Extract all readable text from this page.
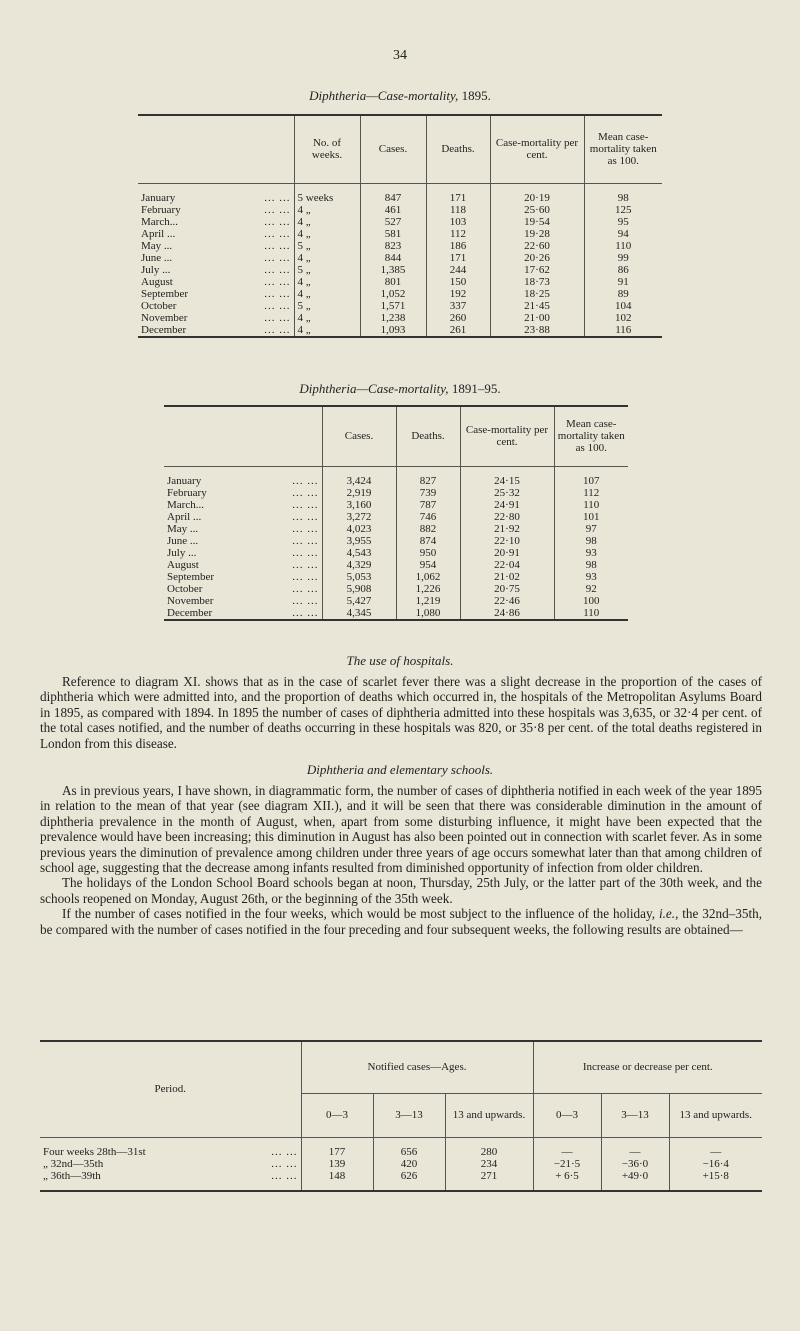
34
Diphtheria—Case-mortality, 1895.
	No. of weeks.	Cases.	Deaths.	Case-mortality per cent.	Mean case-mortality taken as 100.

January ... ...	5 weeks	847	171	20·19	98
February ... ...	4 „	461	118	25·60	125
March... ... ...	4 „	527	103	19·54	95
April ... ... ...	4 „	581	112	19·28	94
May ... ... ...	5 „	823	186	22·60	110
June ... ... ...	4 „	844	171	20·26	99
July ... ... ...	5 „	1,385	244	17·62	86
August ... ...	4 „	801	150	18·73	91
September ... ...	4 „	1,052	192	18·25	89
October ... ...	5 „	1,571	337	21·45	104
November ... ...	4 „	1,238	260	21·00	102
December ... ...	4 „	1,093	261	23·88	116
Diphtheria—Case-mortality, 1891–95.
	Cases.	Deaths.	Case-mortality per cent.	Mean case-mortality taken as 100.

January ... ...	3,424	827	24·15	107
February ... ...	2,919	739	25·32	112
March... ... ...	3,160	787	24·91	110
April ... ... ...	3,272	746	22·80	101
May ... ... ...	4,023	882	21·92	97
June ... ... ...	3,955	874	22·10	98
July ... ... ...	4,543	950	20·91	93
August ... ...	4,329	954	22·04	98
September ... ...	5,053	1,062	21·02	93
October ... ...	5,908	1,226	20·75	92
November ... ...	5,427	1,219	22·46	100
December ... ...	4,345	1,080	24·86	110
The use of hospitals.

Reference to diagram XI. shows that as in the case of scarlet fever there was a slight decrease in the proportion of the cases of diphtheria which were admitted into, and the proportion of deaths which occurred in, the hospitals of the Metropolitan Asylums Board in 1895, as compared with 1894. In 1895 the number of cases of diphtheria admitted into these hospitals was 3,635, or 32·4 per cent. of the total cases notified, and the number of deaths occurring in these hospitals was 820, or 35·8 per cent. of the total deaths registered in London from this disease.

Diphtheria and elementary schools.

As in previous years, I have shown, in diagrammatic form, the number of cases of diphtheria notified in each week of the year 1895 in relation to the mean of that year (see diagram XII.), and it will be seen that there was considerable diminution in the amount of diphtheria prevalence in the month of August, when, apart from some disturbing influence, it might have been expected that the prevalence would have been increasing; this diminution in August has also been pointed out in connection with scarlet fever. As in some previous years the diminution of prevalence among children under three years of age occurs somewhat later than that among children of school age, suggesting that the decrease among infants resulted from diminished opportunity of infection from older children.

The holidays of the London School Board schools began at noon, Thursday, 25th July, or the latter part of the 30th week, and the schools reopened on Monday, August 26th, or the beginning of the 35th week.

If the number of cases notified in the four weeks, which would be most subject to the influence of the holiday, i.e., the 32nd–35th, be compared with the number of cases notified in the four preceding and four subsequent weeks, the following results are obtained—

Period.	Notified cases—Ages.			Increase or decrease per cent.		
	0—3	3—13	13 and upwards.	0—3	3—13	13 and upwards.

Four weeks 28th—31st ... ...	177	656	280	—	—	—
„ 32nd—35th ... ...	139	420	234	−21·5	−36·0	−16·4
„ 36th—39th ... ...	148	626	271	+ 6·5	+49·0	+15·8
